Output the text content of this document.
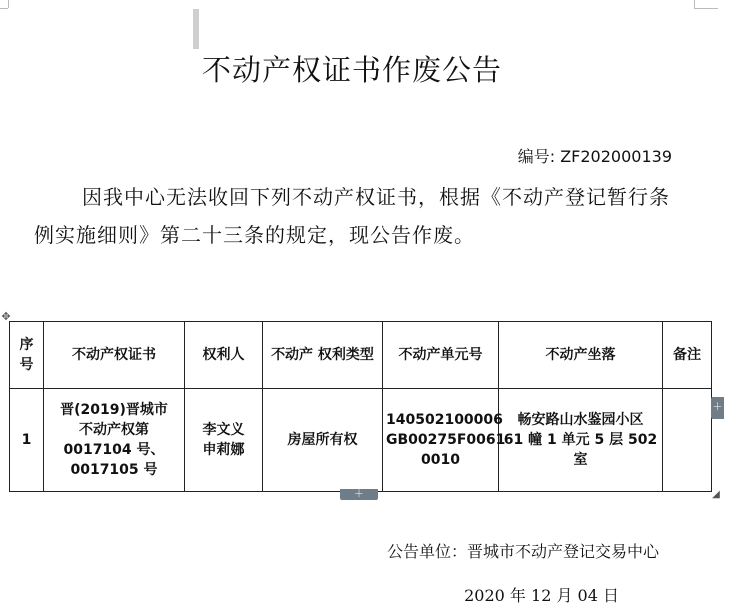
不动产权证书作废公告
编号: ZF202000139
因我中心无法收回下列不动产权证书，根据《不动产登记暂行条例实施细则》第二十三条的规定，现公告作废。
✥
序 号	不动产权证书	权利人	不动产 权利类型	不动产单元号	不动产坐落	备注
1	晋(2019)晋城市
不动产权第
0017104 号、
0017105 号	李文义
申莉娜	房屋所有权	140502100006
GB00275F0061
0010	畅安路山水鉴园小区
61 幢 1 单元 5 层 502
室	
＋
＋	◢
公告单位：晋城市不动产登记交易中心
2020 年 12 月 04 日
